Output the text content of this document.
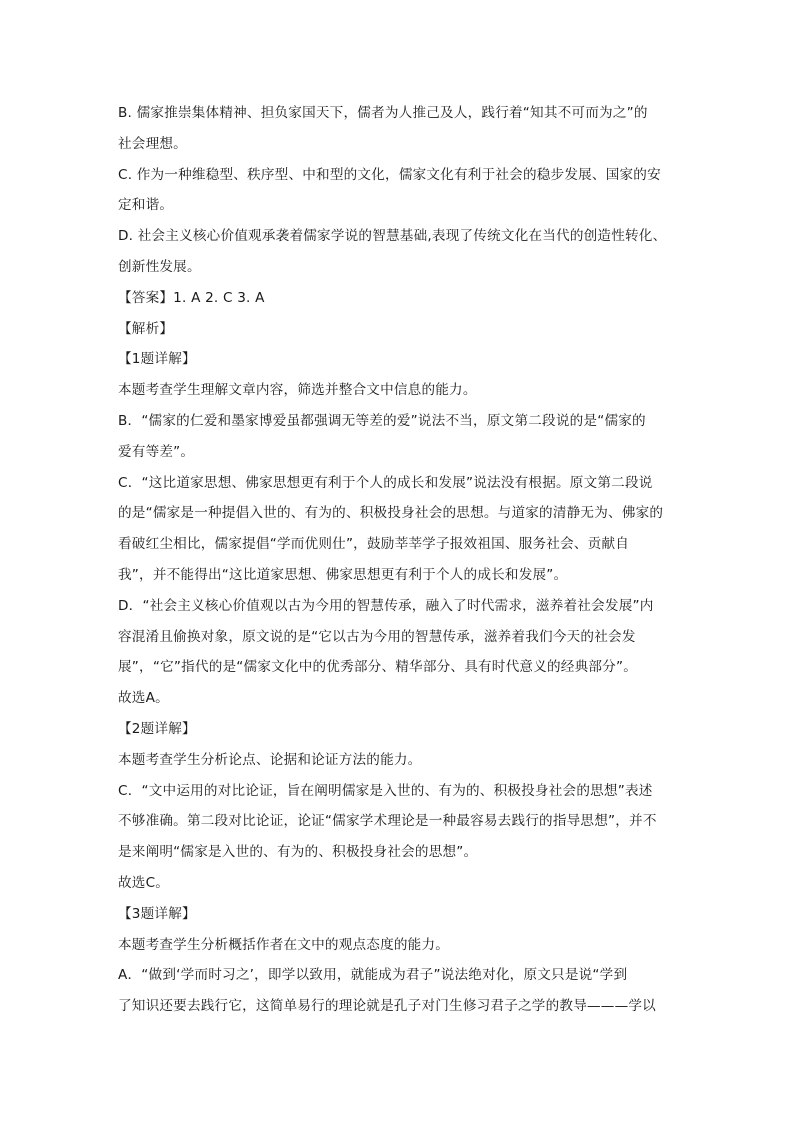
B. 儒家推崇集体精神、担负家国天下，儒者为人推己及人，践行着“知其不可而为之”的
社会理想。
C. 作为一种维稳型、秩序型、中和型的文化，儒家文化有利于社会的稳步发展、国家的安
定和谐。
D. 社会主义核心价值观承袭着儒家学说的智慧基础,表现了传统文化在当代的创造性转化、
创新性发展。
【答案】1. A 2. C 3. A
【解析】
【1题详解】
本题考查学生理解文章内容，筛选并整合文中信息的能力。
B．“儒家的仁爱和墨家博爱虽都强调无等差的爱”说法不当，原文第二段说的是“儒家的
爱有等差”。
C．“这比道家思想、佛家思想更有利于个人的成长和发展”说法没有根据。原文第二段说
的是“儒家是一种提倡入世的、有为的、积极投身社会的思想。与道家的清静无为、佛家的
看破红尘相比，儒家提倡“学而优则仕”，鼓励莘莘学子报效祖国、服务社会、贡献自
我”，并不能得出“这比道家思想、佛家思想更有利于个人的成长和发展”。
D．“社会主义核心价值观以古为今用的智慧传承，融入了时代需求，滋养着社会发展”内
容混淆且偷换对象，原文说的是“它以古为今用的智慧传承，滋养着我们今天的社会发
展”，“它”指代的是“儒家文化中的优秀部分、精华部分、具有时代意义的经典部分”。
故选A。
【2题详解】
本题考查学生分析论点、论据和论证方法的能力。
C．“文中运用的对比论证，旨在阐明儒家是入世的、有为的、积极投身社会的思想”表述
不够准确。第二段对比论证，论证“儒家学术理论是一种最容易去践行的指导思想”，并不
是来阐明“儒家是入世的、有为的、积极投身社会的思想”。
故选C。
【3题详解】
本题考查学生分析概括作者在文中的观点态度的能力。
A．“做到‘学而时习之’，即学以致用，就能成为君子”说法绝对化，原文只是说“学到
了知识还要去践行它，这简单易行的理论就是孔子对门生修习君子之学的教导———学以
